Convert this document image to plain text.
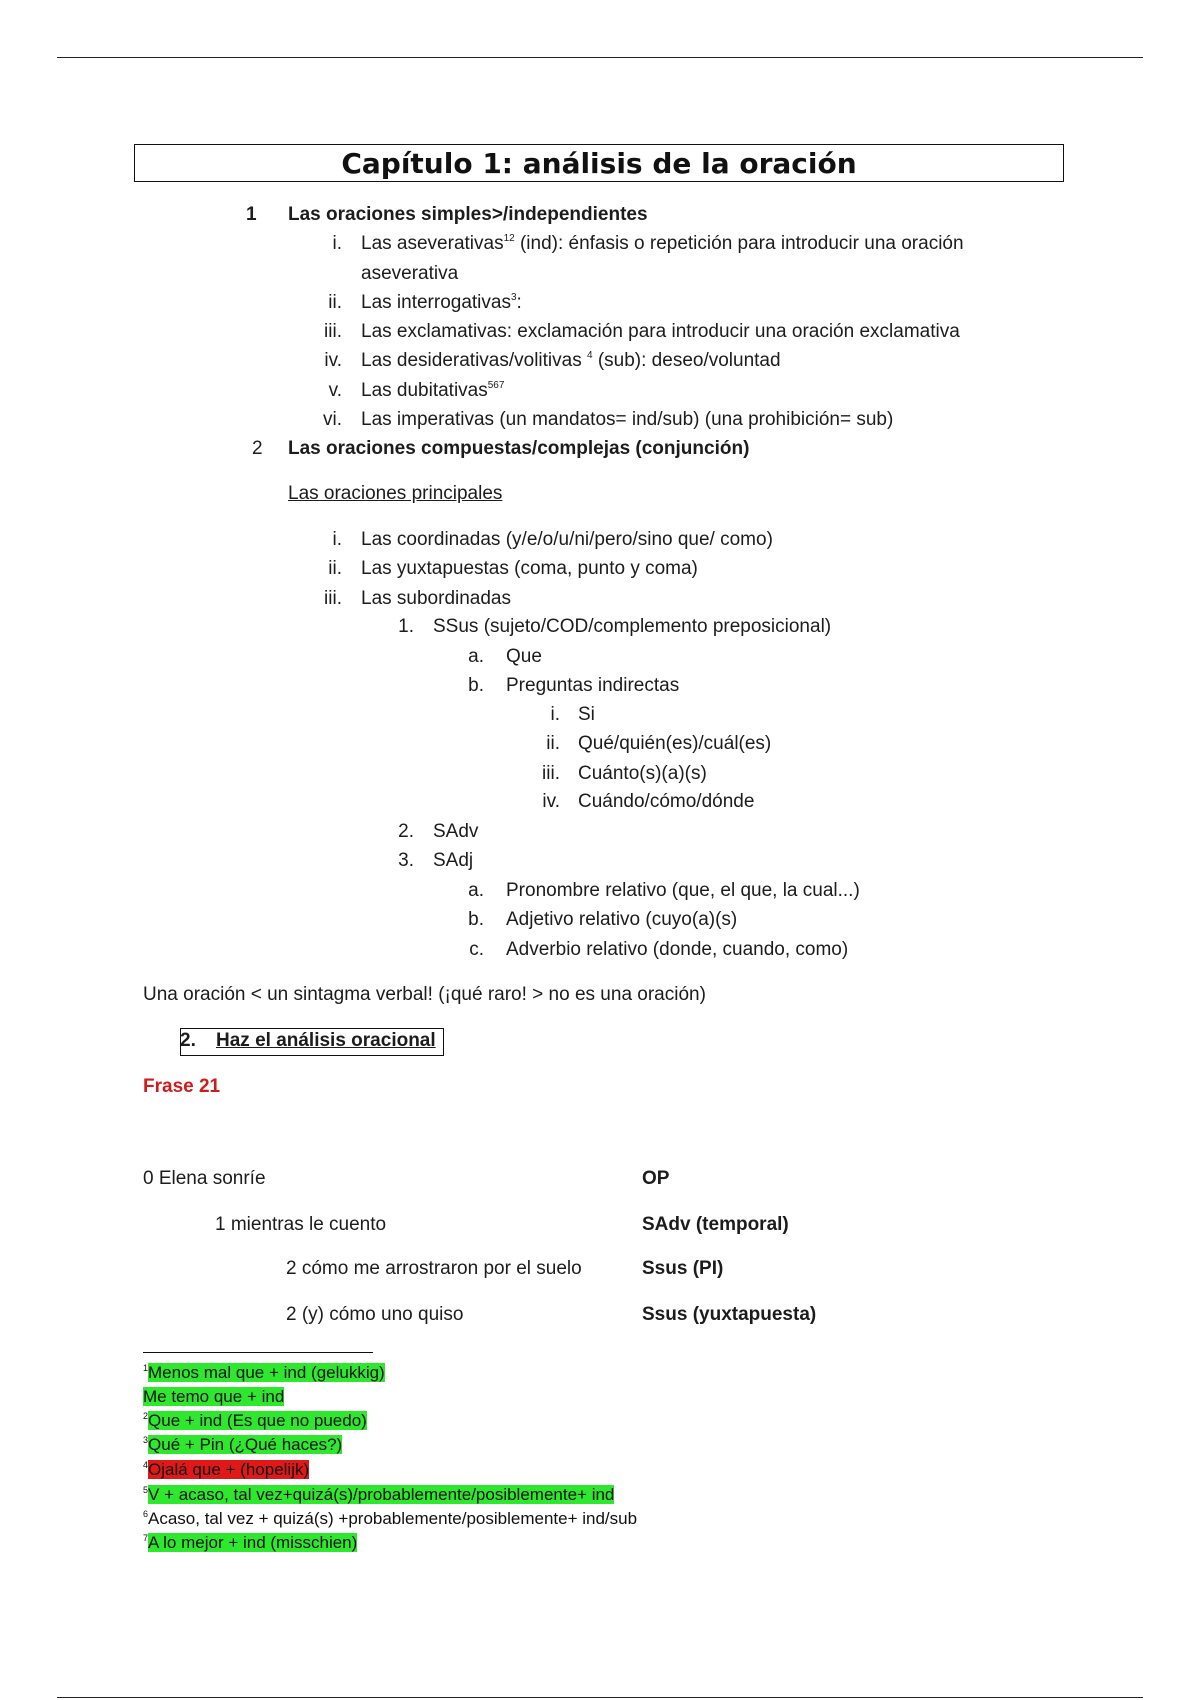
Capítulo 1: análisis de la oración
1 Las oraciones simples>/independientes
i. Las aseverativas$^{12}$ (ind): énfasis o repetición para introducir una oración
aseverativa
ii. Las interrogativas$^3$:
iii. Las exclamativas: exclamación para introducir una oración exclamativa
iv. Las desiderativas/volitivas $^4$ (sub): deseo/voluntad
v. Las dubitativas$^{567}$
vi. Las imperativas (un mandatos= ind/sub) (una prohibición= sub)
2 Las oraciones compuestas/complejas (conjunción)
Las oraciones principales
i. Las coordinadas (y/e/o/u/ni/pero/sino que/ como)
ii. Las yuxtapuestas (coma, punto y coma)
iii. Las subordinadas
1. SSus (sujeto/COD/complemento preposicional)
a. Que
b. Preguntas indirectas
i. Si
ii. Qué/quién(es)/cuál(es)
iii. Cuánto(s)(a)(s)
iv. Cuándo/cómo/dónde
2. SAdv
3. SAdj
a. Pronombre relativo (que, el que, la cual...)
b. Adjetivo relativo (cuyo(a)(s)
c. Adverbio relativo (donde, cuando, como)
Una oración < un sintagma verbal! (¡qué raro! > no es una oración)
2. Haz el análisis oracional
Frase 21
0 Elena sonríe	OP
1 mientras le cuento	SAdv (temporal)
2 cómo me arrostraron por el suelo	Ssus (PI)
2 (y) cómo uno quiso	Ssus (yuxtapuesta)
$^1$Menos mal que + ind (gelukkig)
Me temo que + ind
$^2$Que + ind (Es que no puedo)
$^3$Qué + Pin (¿Qué haces?)
$^4$Ojalá que + (hopelijk)
$^5$V + acaso, tal vez+quizá(s)/probablemente/posiblemente+ ind
$^6$Acaso, tal vez + quizá(s) +probablemente/posiblemente+ ind/sub
$^7$A lo mejor + ind (misschien)
